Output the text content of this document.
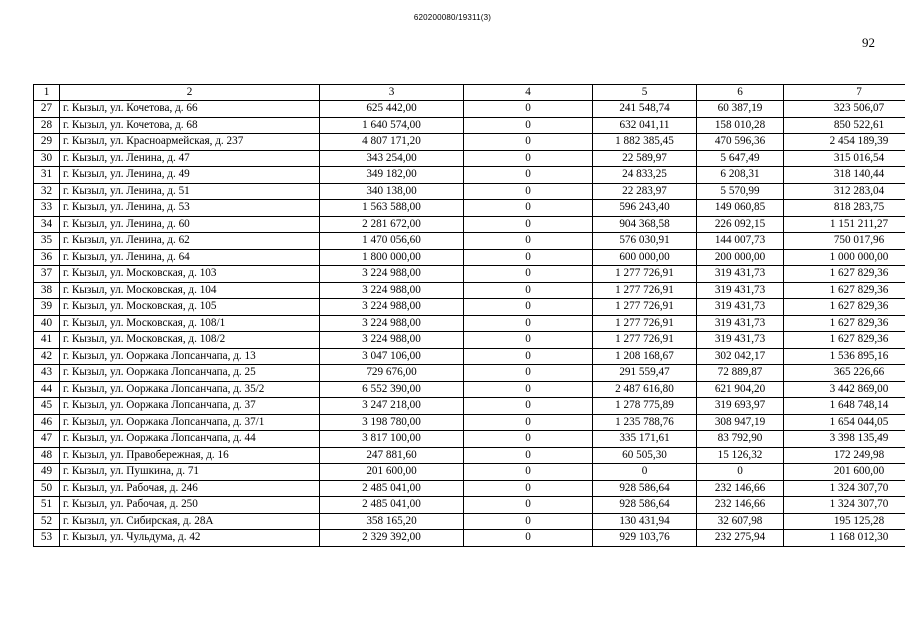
620200080/19311(3)
92
1	2	3	4	5	6	7
27	г. Кызыл, ул. Кочетова, д. 66	625 442,00	0	241 548,74	60 387,19	323 506,07
28	г. Кызыл, ул. Кочетова, д. 68	1 640 574,00	0	632 041,11	158 010,28	850 522,61
29	г. Кызыл, ул. Красноармейская, д. 237	4 807 171,20	0	1 882 385,45	470 596,36	2 454 189,39
30	г. Кызыл, ул. Ленина, д. 47	343 254,00	0	22 589,97	5 647,49	315 016,54
31	г. Кызыл, ул. Ленина, д. 49	349 182,00	0	24 833,25	6 208,31	318 140,44
32	г. Кызыл, ул. Ленина, д. 51	340 138,00	0	22 283,97	5 570,99	312 283,04
33	г. Кызыл, ул. Ленина, д. 53	1 563 588,00	0	596 243,40	149 060,85	818 283,75
34	г. Кызыл, ул. Ленина, д. 60	2 281 672,00	0	904 368,58	226 092,15	1 151 211,27
35	г. Кызыл, ул. Ленина, д. 62	1 470 056,60	0	576 030,91	144 007,73	750 017,96
36	г. Кызыл, ул. Ленина, д. 64	1 800 000,00	0	600 000,00	200 000,00	1 000 000,00
37	г. Кызыл, ул. Московская, д. 103	3 224 988,00	0	1 277 726,91	319 431,73	1 627 829,36
38	г. Кызыл, ул. Московская, д. 104	3 224 988,00	0	1 277 726,91	319 431,73	1 627 829,36
39	г. Кызыл, ул. Московская, д. 105	3 224 988,00	0	1 277 726,91	319 431,73	1 627 829,36
40	г. Кызыл, ул. Московская, д. 108/1	3 224 988,00	0	1 277 726,91	319 431,73	1 627 829,36
41	г. Кызыл, ул. Московская, д. 108/2	3 224 988,00	0	1 277 726,91	319 431,73	1 627 829,36
42	г. Кызыл, ул. Ооржака Лопсанчапа, д. 13	3 047 106,00	0	1 208 168,67	302 042,17	1 536 895,16
43	г. Кызыл, ул. Ооржака Лопсанчапа, д. 25	729 676,00	0	291 559,47	72 889,87	365 226,66
44	г. Кызыл, ул. Ооржака Лопсанчапа, д. 35/2	6 552 390,00	0	2 487 616,80	621 904,20	3 442 869,00
45	г. Кызыл, ул. Ооржака Лопсанчапа, д. 37	3 247 218,00	0	1 278 775,89	319 693,97	1 648 748,14
46	г. Кызыл, ул. Ооржака Лопсанчапа, д. 37/1	3 198 780,00	0	1 235 788,76	308 947,19	1 654 044,05
47	г. Кызыл, ул. Ооржака Лопсанчапа, д. 44	3 817 100,00	0	335 171,61	83 792,90	3 398 135,49
48	г. Кызыл, ул. Правобережная, д. 16	247 881,60	0	60 505,30	15 126,32	172 249,98
49	г. Кызыл, ул. Пушкина, д. 71	201 600,00	0	0	0	201 600,00
50	г. Кызыл, ул. Рабочая, д. 246	2 485 041,00	0	928 586,64	232 146,66	1 324 307,70
51	г. Кызыл, ул. Рабочая, д. 250	2 485 041,00	0	928 586,64	232 146,66	1 324 307,70
52	г. Кызыл, ул. Сибирская, д. 28А	358 165,20	0	130 431,94	32 607,98	195 125,28
53	г. Кызыл, ул. Чульдума, д. 42	2 329 392,00	0	929 103,76	232 275,94	1 168 012,30
